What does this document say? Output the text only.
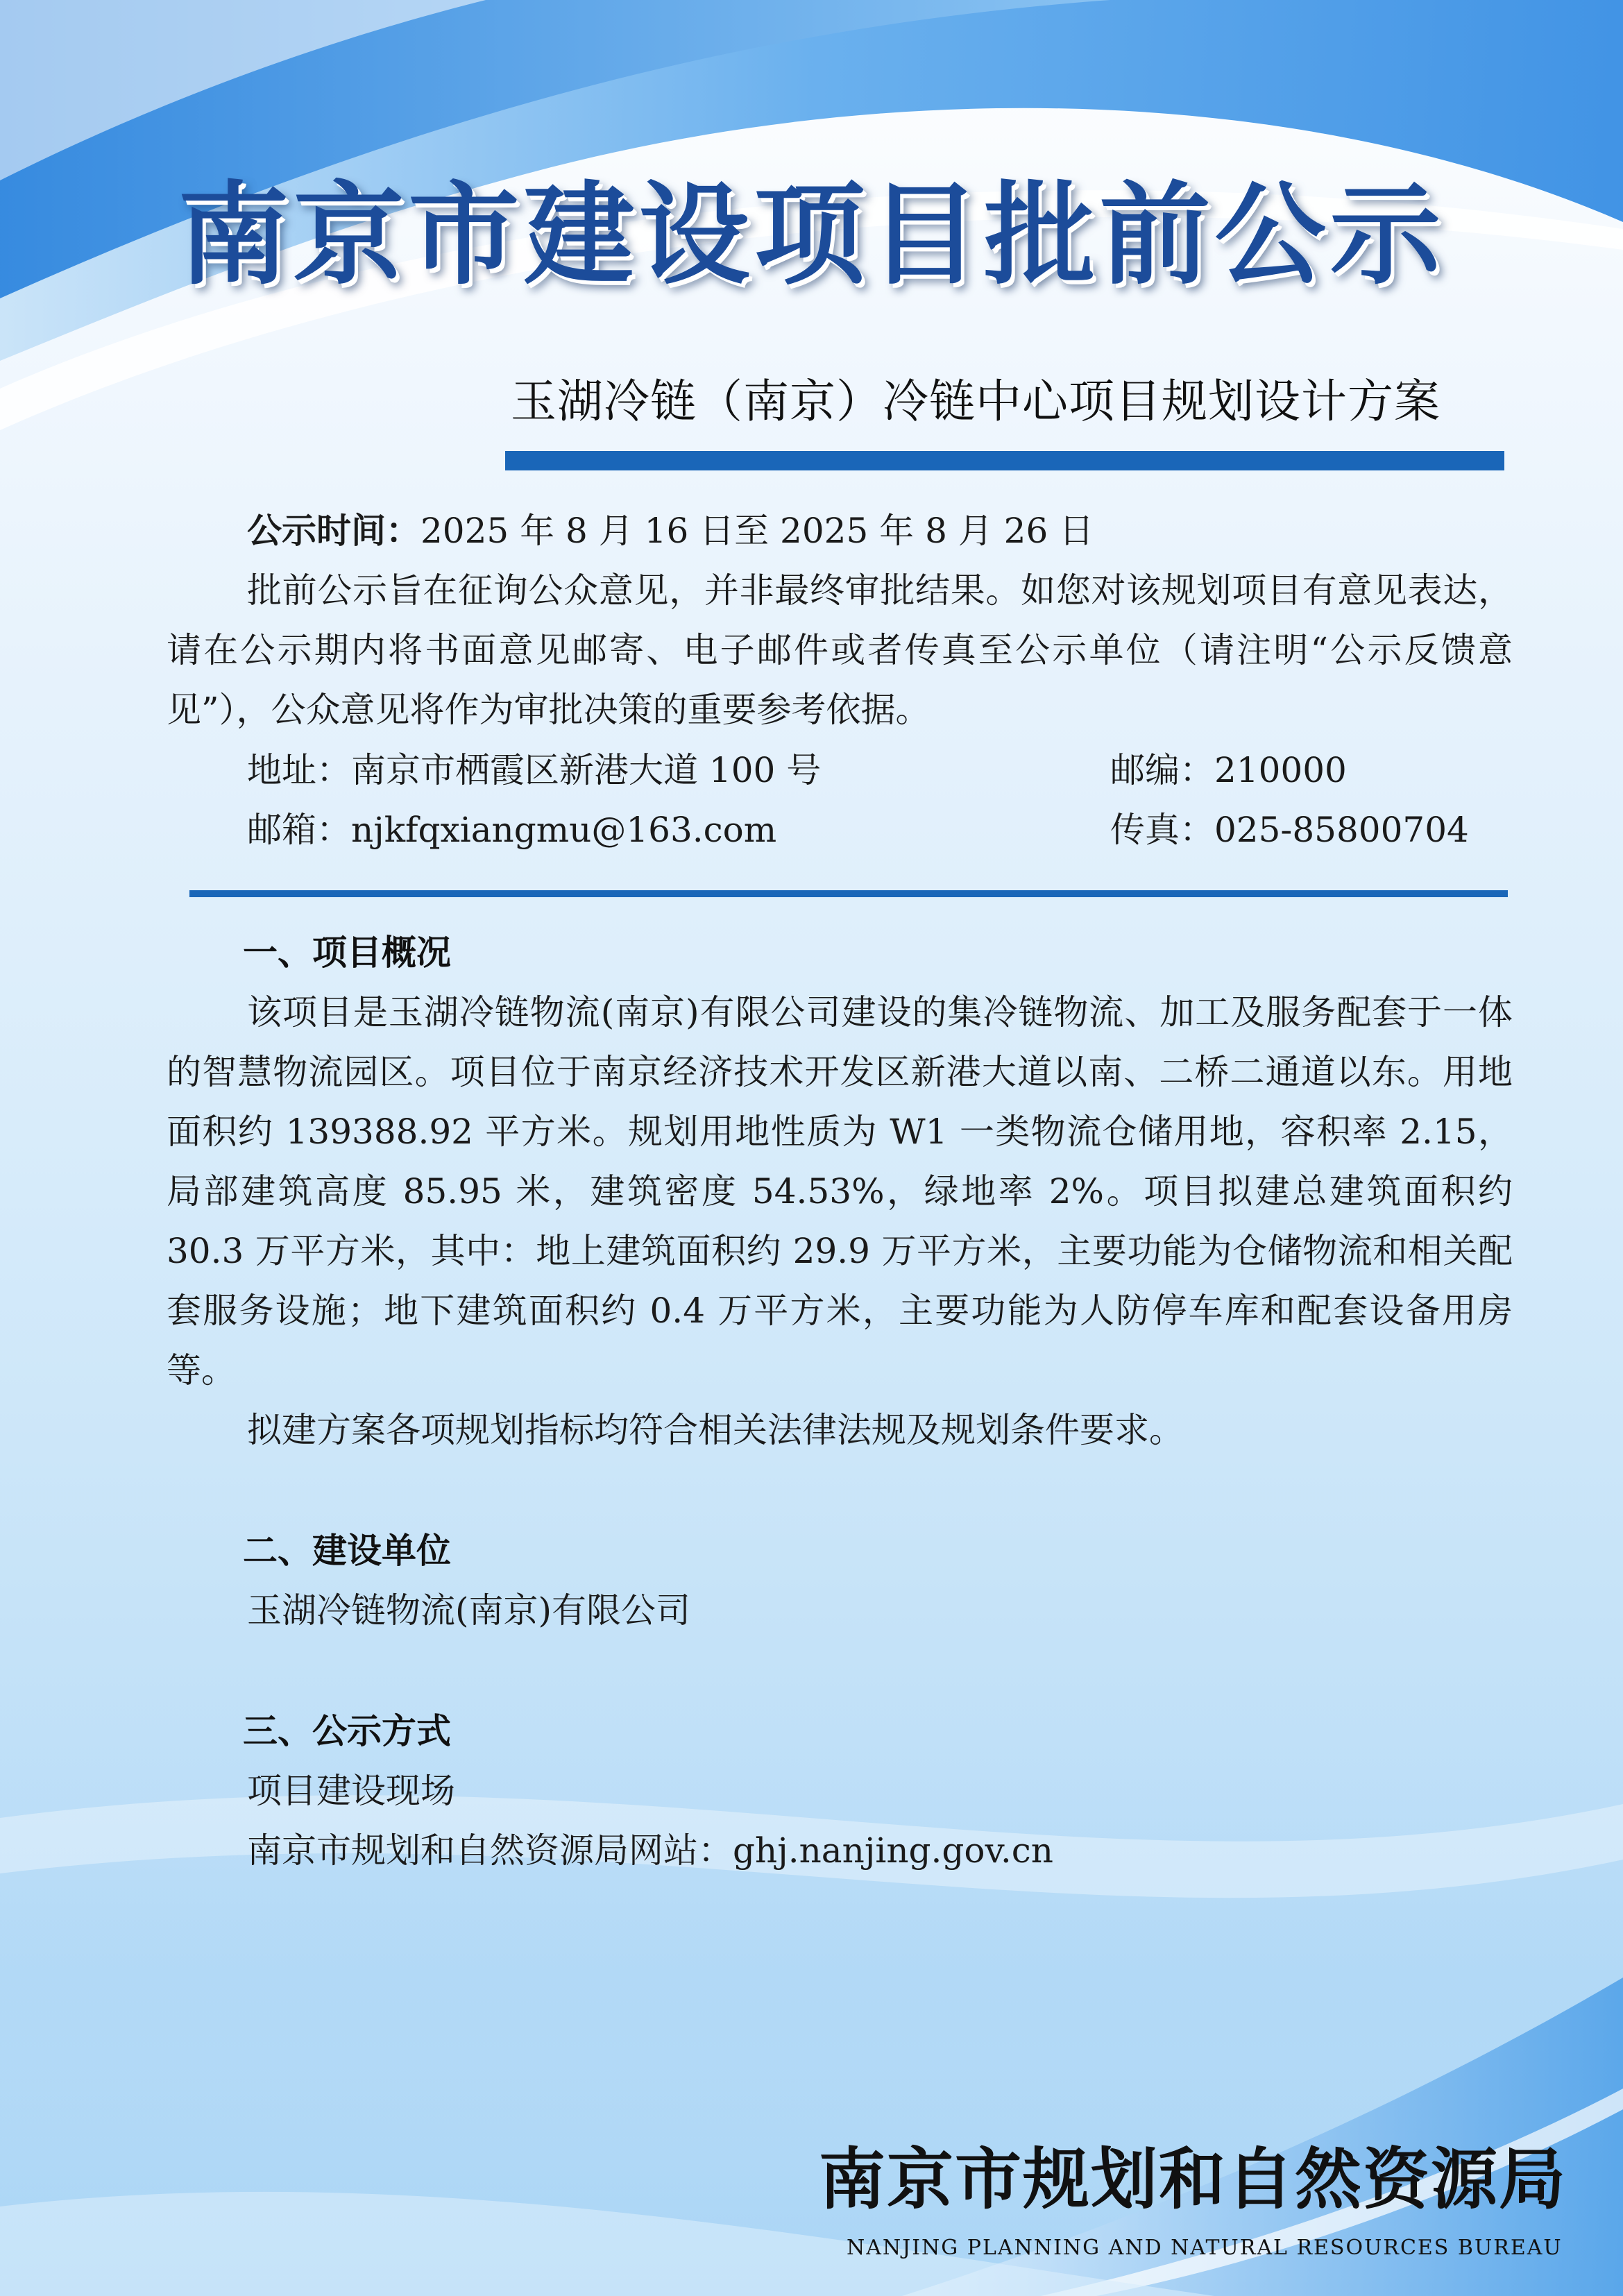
南京市建设项目批前公示
玉湖冷链（南京）冷链中心项目规划设计方案
公示时间：2025 年 8 月 16 日至 2025 年 8 月 26 日

批前公示旨在征询公众意见，并非最终审批结果。如您对该规划项目有意见表达，请在公示期内将书面意见邮寄、电子邮件或者传真至公示单位（请注明“公示反馈意见”），公众意见将作为审批决策的重要参考依据。

地址：南京市栖霞区新港大道 100 号	邮编：210000
邮箱：njkfqxiangmu@163.com	传真：025-85800704
一、项目概况

该项目是玉湖冷链物流(南京)有限公司建设的集冷链物流、加工及服务配套于一体的智慧物流园区。项目位于南京经济技术开发区新港大道以南、二桥二通道以东。用地面积约 139388.92 平方米。规划用地性质为 W1 一类物流仓储用地，容积率 2.15，局部建筑高度 85.95 米，建筑密度 54.53%，绿地率 2%。项目拟建总建筑面积约 30.3 万平方米，其中：地上建筑面积约 29.9 万平方米，主要功能为仓储物流和相关配套服务设施；地下建筑面积约 0.4 万平方米，主要功能为人防停车库和配套设备用房等。

拟建方案各项规划指标均符合相关法律法规及规划条件要求。

二、建设单位
玉湖冷链物流(南京)有限公司
三、公示方式
项目建设现场
南京市规划和自然资源局网站：ghj.nanjing.gov.cn
南京市规划和自然资源局
NANJING PLANNING AND NATURAL RESOURCES BUREAU
